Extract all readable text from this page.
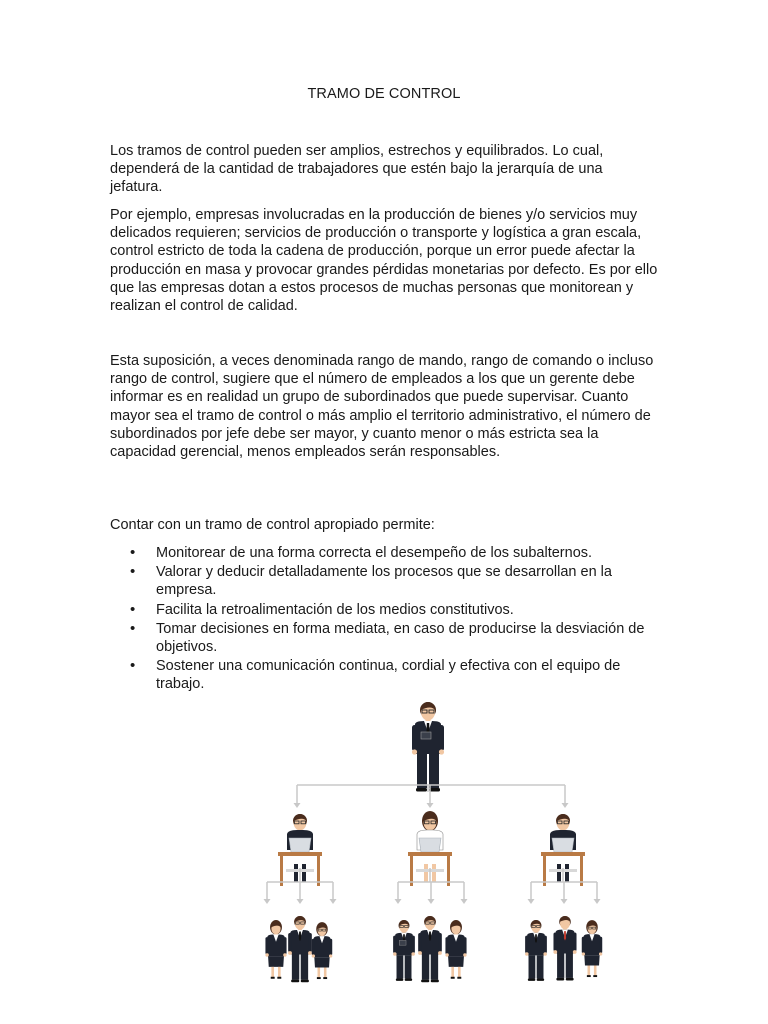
TRAMO DE CONTROL
Los tramos de control pueden ser amplios, estrechos y equilibrados. Lo cual, dependerá de la cantidad de trabajadores que estén bajo la jerarquía de una jefatura.
Por ejemplo, empresas involucradas en la producción de bienes y/o servicios muy delicados requieren; servicios de producción o transporte y logística a gran escala, control estricto de toda la cadena de producción, porque un error puede afectar la producción en masa y provocar grandes pérdidas monetarias por defecto. Es por ello que las empresas dotan a estos procesos de muchas personas que monitorean y realizan el control de calidad.
Esta suposición, a veces denominada rango de mando, rango de comando o incluso rango de control, sugiere que el número de empleados a los que un gerente debe informar es en realidad un grupo de subordinados que puede supervisar. Cuanto mayor sea el tramo de control o más amplio el territorio administrativo, el número de subordinados por jefe debe ser mayor, y cuanto menor o más estricta sea la capacidad gerencial, menos empleados serán responsables.
Contar con un tramo de control apropiado permite:
• Monitorear de una forma correcta el desempeño de los subalternos.
• Valorar y deducir detalladamente los procesos que se desarrollan en la empresa.
• Facilita la retroalimentación de los medios constitutivos.
• Tomar decisiones en forma mediata, en caso de producirse la desviación de objetivos.
• Sostener una comunicación continua, cordial y efectiva con el equipo de trabajo.
